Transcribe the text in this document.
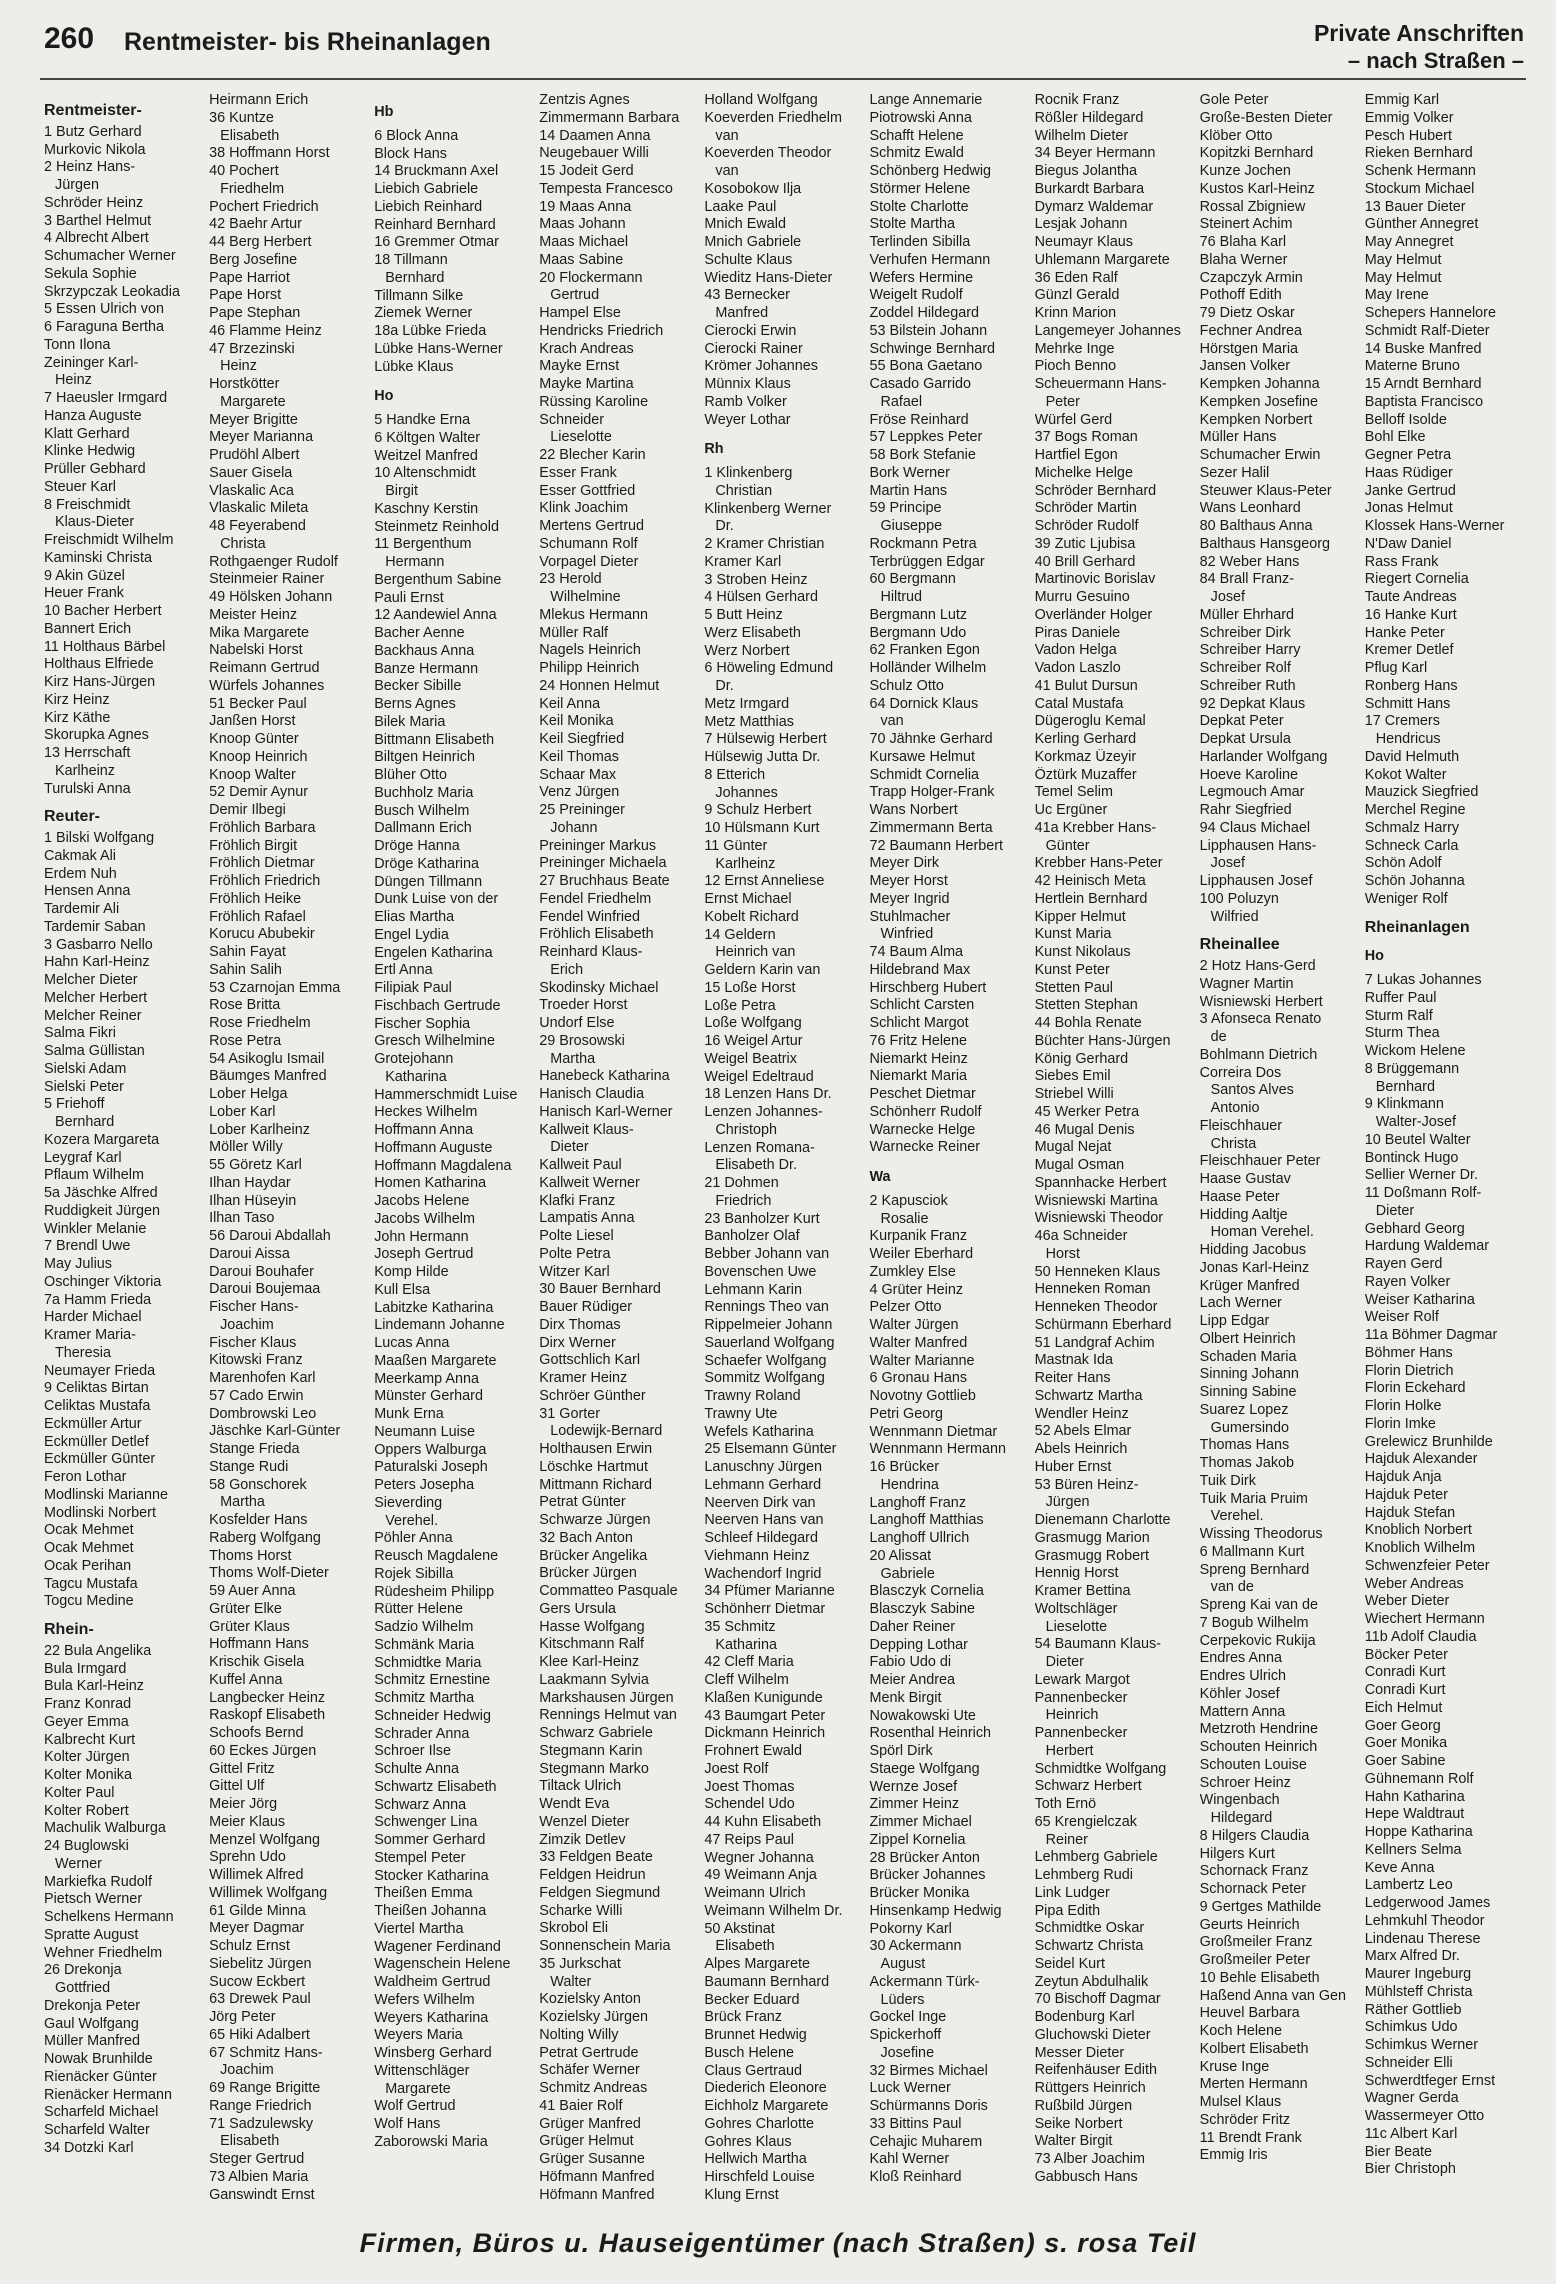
260 Rentmeister- bis Rheinanlagen	Private Anschriften
– nach Straßen –
Rentmeister-
1 Butz Gerhard
Murkovic Nikola
2 Heinz Hans-
Jürgen
Schröder Heinz
3 Barthel Helmut
4 Albrecht Albert
Schumacher Werner
Sekula Sophie
Skrzypczak Leokadia
5 Essen Ulrich von
6 Faraguna Bertha
Tonn Ilona
Zeininger Karl-
Heinz
7 Haeusler Irmgard
Hanza Auguste
Klatt Gerhard
Klinke Hedwig
Prüller Gebhard
Steuer Karl
8 Freischmidt
Klaus-Dieter
Freischmidt Wilhelm
Kaminski Christa
9 Akin Güzel
Heuer Frank
10 Bacher Herbert
Bannert Erich
11 Holthaus Bärbel
Holthaus Elfriede
Kirz Hans-Jürgen
Kirz Heinz
Kirz Käthe
Skorupka Agnes
13 Herrschaft
Karlheinz
Turulski Anna
Reuter-
1 Bilski Wolfgang
Cakmak Ali
Erdem Nuh
Hensen Anna
Tardemir Ali
Tardemir Saban
3 Gasbarro Nello
Hahn Karl-Heinz
Melcher Dieter
Melcher Herbert
Melcher Reiner
Salma Fikri
Salma Güllistan
Sielski Adam
Sielski Peter
5 Friehoff
Bernhard
Kozera Margareta
Leygraf Karl
Pflaum Wilhelm
5a Jäschke Alfred
Ruddigkeit Jürgen
Winkler Melanie
7 Brendl Uwe
May Julius
Oschinger Viktoria
7a Hamm Frieda
Harder Michael
Kramer Maria-
Theresia
Neumayer Frieda
9 Celiktas Birtan
Celiktas Mustafa
Eckmüller Artur
Eckmüller Detlef
Eckmüller Günter
Feron Lothar
Modlinski Marianne
Modlinski Norbert
Ocak Mehmet
Ocak Mehmet
Ocak Perihan
Tagcu Mustafa
Togcu Medine
Rhein-
22 Bula Angelika
Bula Irmgard
Bula Karl-Heinz
Franz Konrad
Geyer Emma
Kalbrecht Kurt
Kolter Jürgen
Kolter Monika
Kolter Paul
Kolter Robert
Machulik Walburga
24 Buglowski
Werner
Markiefka Rudolf
Pietsch Werner
Schelkens Hermann
Spratte August
Wehner Friedhelm
26 Drekonja
Gottfried
Drekonja Peter
Gaul Wolfgang
Müller Manfred
Nowak Brunhilde
Rienäcker Günter
Rienäcker Hermann
Scharfeld Michael
Scharfeld Walter
34 Dotzki Karl
Heirmann Erich
36 Kuntze
Elisabeth
38 Hoffmann Horst
40 Pochert
Friedhelm
Pochert Friedrich
42 Baehr Artur
44 Berg Herbert
Berg Josefine
Pape Harriot
Pape Horst
Pape Stephan
46 Flamme Heinz
47 Brzezinski
Heinz
Horstkötter
Margarete
Meyer Brigitte
Meyer Marianna
Prudöhl Albert
Sauer Gisela
Vlaskalic Aca
Vlaskalic Mileta
48 Feyerabend
Christa
Rothgaenger Rudolf
Steinmeier Rainer
49 Hölsken Johann
Meister Heinz
Mika Margarete
Nabelski Horst
Reimann Gertrud
Würfels Johannes
51 Becker Paul
Janßen Horst
Knoop Günter
Knoop Heinrich
Knoop Walter
52 Demir Aynur
Demir Ilbegi
Fröhlich Barbara
Fröhlich Birgit
Fröhlich Dietmar
Fröhlich Friedrich
Fröhlich Heike
Fröhlich Rafael
Korucu Abubekir
Sahin Fayat
Sahin Salih
53 Czarnojan Emma
Rose Britta
Rose Friedhelm
Rose Petra
54 Asikoglu Ismail
Bäumges Manfred
Lober Helga
Lober Karl
Lober Karlheinz
Möller Willy
55 Göretz Karl
Ilhan Haydar
Ilhan Hüseyin
Ilhan Taso
56 Daroui Abdallah
Daroui Aissa
Daroui Bouhafer
Daroui Boujemaa
Fischer Hans-
Joachim
Fischer Klaus
Kitowski Franz
Marenhofen Karl
57 Cado Erwin
Dombrowski Leo
Jäschke Karl-Günter
Stange Frieda
Stange Rudi
58 Gonschorek
Martha
Kosfelder Hans
Raberg Wolfgang
Thoms Horst
Thoms Wolf-Dieter
59 Auer Anna
Grüter Elke
Grüter Klaus
Hoffmann Hans
Krischik Gisela
Kuffel Anna
Langbecker Heinz
Raskopf Elisabeth
Schoofs Bernd
60 Eckes Jürgen
Gittel Fritz
Gittel Ulf
Meier Jörg
Meier Klaus
Menzel Wolfgang
Sprehn Udo
Willimek Alfred
Willimek Wolfgang
61 Gilde Minna
Meyer Dagmar
Schulz Ernst
Siebelitz Jürgen
Sucow Eckbert
63 Drewek Paul
Jörg Peter
65 Hiki Adalbert
67 Schmitz Hans-
Joachim
69 Range Brigitte
Range Friedrich
71 Sadzulewsky
Elisabeth
Steger Gertrud
73 Albien Maria
Ganswindt Ernst
Hb
6 Block Anna
Block Hans
14 Bruckmann Axel
Liebich Gabriele
Liebich Reinhard
Reinhard Bernhard
16 Gremmer Otmar
18 Tillmann
Bernhard
Tillmann Silke
Ziemek Werner
18a Lübke Frieda
Lübke Hans-Werner
Lübke Klaus
Ho
5 Handke Erna
6 Költgen Walter
Weitzel Manfred
10 Altenschmidt
Birgit
Kaschny Kerstin
Steinmetz Reinhold
11 Bergenthum
Hermann
Bergenthum Sabine
Pauli Ernst
12 Aandewiel Anna
Bacher Aenne
Backhaus Anna
Banze Hermann
Becker Sibille
Berns Agnes
Bilek Maria
Bittmann Elisabeth
Biltgen Heinrich
Blüher Otto
Buchholz Maria
Busch Wilhelm
Dallmann Erich
Dröge Hanna
Dröge Katharina
Düngen Tillmann
Dunk Luise von der
Elias Martha
Engel Lydia
Engelen Katharina
Ertl Anna
Filipiak Paul
Fischbach Gertrude
Fischer Sophia
Gresch Wilhelmine
Grotejohann
Katharina
Hammerschmidt Luise
Heckes Wilhelm
Hoffmann Anna
Hoffmann Auguste
Hoffmann Magdalena
Homen Katharina
Jacobs Helene
Jacobs Wilhelm
John Hermann
Joseph Gertrud
Komp Hilde
Kull Elsa
Labitzke Katharina
Lindemann Johanne
Lucas Anna
Maaßen Margarete
Meerkamp Anna
Münster Gerhard
Munk Erna
Neumann Luise
Oppers Walburga
Paturalski Joseph
Peters Josepha
Sieverding
Verehel.
Pöhler Anna
Reusch Magdalene
Rojek Sibilla
Rüdesheim Philipp
Rütter Helene
Sadzio Wilhelm
Schmänk Maria
Schmidtke Maria
Schmitz Ernestine
Schmitz Martha
Schneider Hedwig
Schrader Anna
Schroer Ilse
Schulte Anna
Schwartz Elisabeth
Schwarz Anna
Schwenger Lina
Sommer Gerhard
Stempel Peter
Stocker Katharina
Theißen Emma
Theißen Johanna
Viertel Martha
Wagener Ferdinand
Wagenschein Helene
Waldheim Gertrud
Wefers Wilhelm
Weyers Katharina
Weyers Maria
Winsberg Gerhard
Wittenschläger
Margarete
Wolf Gertrud
Wolf Hans
Zaborowski Maria
Zentzis Agnes
Zimmermann Barbara
14 Daamen Anna
Neugebauer Willi
15 Jodeit Gerd
Tempesta Francesco
19 Maas Anna
Maas Johann
Maas Michael
Maas Sabine
20 Flockermann
Gertrud
Hampel Else
Hendricks Friedrich
Krach Andreas
Mayke Ernst
Mayke Martina
Rüssing Karoline
Schneider
Lieselotte
22 Blecher Karin
Esser Frank
Esser Gottfried
Klink Joachim
Mertens Gertrud
Schumann Rolf
Vorpagel Dieter
23 Herold
Wilhelmine
Mlekus Hermann
Müller Ralf
Nagels Heinrich
Philipp Heinrich
24 Honnen Helmut
Keil Anna
Keil Monika
Keil Siegfried
Keil Thomas
Schaar Max
Venz Jürgen
25 Preininger
Johann
Preininger Markus
Preininger Michaela
27 Bruchhaus Beate
Fendel Friedhelm
Fendel Winfried
Fröhlich Elisabeth
Reinhard Klaus-
Erich
Skodinsky Michael
Troeder Horst
Undorf Else
29 Brosowski
Martha
Hanebeck Katharina
Hanisch Claudia
Hanisch Karl-Werner
Kallweit Klaus-
Dieter
Kallweit Paul
Kallweit Werner
Klafki Franz
Lampatis Anna
Polte Liesel
Polte Petra
Witzer Karl
30 Bauer Bernhard
Bauer Rüdiger
Dirx Thomas
Dirx Werner
Gottschlich Karl
Kramer Heinz
Schröer Günther
31 Gorter
Lodewijk-Bernard
Holthausen Erwin
Löschke Hartmut
Mittmann Richard
Petrat Günter
Schwarze Jürgen
32 Bach Anton
Brücker Angelika
Brücker Jürgen
Commatteo Pasquale
Gers Ursula
Hasse Wolfgang
Kitschmann Ralf
Klee Karl-Heinz
Laakmann Sylvia
Markshausen Jürgen
Rennings Helmut van
Schwarz Gabriele
Stegmann Karin
Stegmann Marko
Tiltack Ulrich
Wendt Eva
Wenzel Dieter
Zimzik Detlev
33 Feldgen Beate
Feldgen Heidrun
Feldgen Siegmund
Scharke Willi
Skrobol Eli
Sonnenschein Maria
35 Jurkschat
Walter
Kozielsky Anton
Kozielsky Jürgen
Nolting Willy
Petrat Gertrude
Schäfer Werner
Schmitz Andreas
41 Baier Rolf
Grüger Manfred
Grüger Helmut
Grüger Susanne
Höfmann Manfred
Höfmann Manfred
Holland Wolfgang
Koeverden Friedhelm
van
Koeverden Theodor
van
Kosobokow Ilja
Laake Paul
Mnich Ewald
Mnich Gabriele
Schulte Klaus
Wieditz Hans-Dieter
43 Bernecker
Manfred
Cierocki Erwin
Cierocki Rainer
Krömer Johannes
Münnix Klaus
Ramb Volker
Weyer Lothar
Rh
1 Klinkenberg
Christian
Klinkenberg Werner
Dr.
2 Kramer Christian
Kramer Karl
3 Stroben Heinz
4 Hülsen Gerhard
5 Butt Heinz
Werz Elisabeth
Werz Norbert
6 Höweling Edmund
Dr.
Metz Irmgard
Metz Matthias
7 Hülsewig Herbert
Hülsewig Jutta Dr.
8 Etterich
Johannes
9 Schulz Herbert
10 Hülsmann Kurt
11 Günter
Karlheinz
12 Ernst Anneliese
Ernst Michael
Kobelt Richard
14 Geldern
Heinrich van
Geldern Karin van
15 Loße Horst
Loße Petra
Loße Wolfgang
16 Weigel Artur
Weigel Beatrix
Weigel Edeltraud
18 Lenzen Hans Dr.
Lenzen Johannes-
Christoph
Lenzen Romana-
Elisabeth Dr.
21 Dohmen
Friedrich
23 Banholzer Kurt
Banholzer Olaf
Bebber Johann van
Bovenschen Uwe
Lehmann Karin
Rennings Theo van
Rippelmeier Johann
Sauerland Wolfgang
Schaefer Wolfgang
Sommitz Wolfgang
Trawny Roland
Trawny Ute
Wefels Katharina
25 Elsemann Günter
Lanuschny Jürgen
Lehmann Gerhard
Neerven Dirk van
Neerven Hans van
Schleef Hildegard
Viehmann Heinz
Wachendorf Ingrid
34 Pfümer Marianne
Schönherr Dietmar
35 Schmitz
Katharina
42 Cleff Maria
Cleff Wilhelm
Klaßen Kunigunde
43 Baumgart Peter
Dickmann Heinrich
Frohnert Ewald
Joest Rolf
Joest Thomas
Schendel Udo
44 Kuhn Elisabeth
47 Reips Paul
Wegner Johanna
49 Weimann Anja
Weimann Ulrich
Weimann Wilhelm Dr.
50 Akstinat
Elisabeth
Alpes Margarete
Baumann Bernhard
Becker Eduard
Brück Franz
Brunnet Hedwig
Busch Helene
Claus Gertraud
Diederich Eleonore
Eichholz Margarete
Gohres Charlotte
Gohres Klaus
Hellwich Martha
Hirschfeld Louise
Klung Ernst
Lange Annemarie
Piotrowski Anna
Schafft Helene
Schmitz Ewald
Schönberg Hedwig
Störmer Helene
Stolte Charlotte
Stolte Martha
Terlinden Sibilla
Verhufen Hermann
Wefers Hermine
Weigelt Rudolf
Zoddel Hildegard
53 Bilstein Johann
Schwinge Bernhard
55 Bona Gaetano
Casado Garrido
Rafael
Fröse Reinhard
57 Leppkes Peter
58 Bork Stefanie
Bork Werner
Martin Hans
59 Principe
Giuseppe
Rockmann Petra
Terbrüggen Edgar
60 Bergmann
Hiltrud
Bergmann Lutz
Bergmann Udo
62 Franken Egon
Holländer Wilhelm
Schulz Otto
64 Dornick Klaus
van
70 Jähnke Gerhard
Kursawe Helmut
Schmidt Cornelia
Trapp Holger-Frank
Wans Norbert
Zimmermann Berta
72 Baumann Herbert
Meyer Dirk
Meyer Horst
Meyer Ingrid
Stuhlmacher
Winfried
74 Baum Alma
Hildebrand Max
Hirschberg Hubert
Schlicht Carsten
Schlicht Margot
76 Fritz Helene
Niemarkt Heinz
Niemarkt Maria
Peschet Dietmar
Schönherr Rudolf
Warnecke Helge
Warnecke Reiner
Wa
2 Kapusciok
Rosalie
Kurpanik Franz
Weiler Eberhard
Zumkley Else
4 Grüter Heinz
Pelzer Otto
Walter Jürgen
Walter Manfred
Walter Marianne
6 Gronau Hans
Novotny Gottlieb
Petri Georg
Wennmann Dietmar
Wennmann Hermann
16 Brücker
Hendrina
Langhoff Franz
Langhoff Matthias
Langhoff Ullrich
20 Alissat
Gabriele
Blasczyk Cornelia
Blasczyk Sabine
Daher Reiner
Depping Lothar
Fabio Udo di
Meier Andrea
Menk Birgit
Nowakowski Ute
Rosenthal Heinrich
Spörl Dirk
Staege Wolfgang
Wernze Josef
Zimmer Heinz
Zimmer Michael
Zippel Kornelia
28 Brücker Anton
Brücker Johannes
Brücker Monika
Hinsenkamp Hedwig
Pokorny Karl
30 Ackermann
August
Ackermann Türk-
Lüders
Gockel Inge
Spickerhoff
Josefine
32 Birmes Michael
Luck Werner
Schürmanns Doris
33 Bittins Paul
Cehajic Muharem
Kahl Werner
Kloß Reinhard
Rocnik Franz
Rößler Hildegard
Wilhelm Dieter
34 Beyer Hermann
Biegus Jolantha
Burkardt Barbara
Dymarz Waldemar
Lesjak Johann
Neumayr Klaus
Uhlemann Margarete
36 Eden Ralf
Günzl Gerald
Krinn Marion
Langemeyer Johannes
Mehrke Inge
Pioch Benno
Scheuermann Hans-
Peter
Würfel Gerd
37 Bogs Roman
Hartfiel Egon
Michelke Helge
Schröder Bernhard
Schröder Martin
Schröder Rudolf
39 Zutic Ljubisa
40 Brill Gerhard
Martinovic Borislav
Murru Gesuino
Overländer Holger
Piras Daniele
Vadon Helga
Vadon Laszlo
41 Bulut Dursun
Catal Mustafa
Dügeroglu Kemal
Kerling Gerhard
Korkmaz Üzeyir
Öztürk Muzaffer
Temel Selim
Uc Ergüner
41a Krebber Hans-
Günter
Krebber Hans-Peter
42 Heinisch Meta
Hertlein Bernhard
Kipper Helmut
Kunst Maria
Kunst Nikolaus
Kunst Peter
Stetten Paul
Stetten Stephan
44 Bohla Renate
Büchter Hans-Jürgen
König Gerhard
Siebes Emil
Striebel Willi
45 Werker Petra
46 Mugal Denis
Mugal Nejat
Mugal Osman
Spannhacke Herbert
Wisniewski Martina
Wisniewski Theodor
46a Schneider
Horst
50 Henneken Klaus
Henneken Roman
Henneken Theodor
Schürmann Eberhard
51 Landgraf Achim
Mastnak Ida
Reiter Hans
Schwartz Martha
Wendler Heinz
52 Abels Elmar
Abels Heinrich
Huber Ernst
53 Büren Heinz-
Jürgen
Dienemann Charlotte
Grasmugg Marion
Grasmugg Robert
Hennig Horst
Kramer Bettina
Woltschläger
Lieselotte
54 Baumann Klaus-
Dieter
Lewark Margot
Pannenbecker
Heinrich
Pannenbecker
Herbert
Schmidtke Wolfgang
Schwarz Herbert
Toth Ernö
65 Krengielczak
Reiner
Lehmberg Gabriele
Lehmberg Rudi
Link Ludger
Pipa Edith
Schmidtke Oskar
Schwartz Christa
Seidel Kurt
Zeytun Abdulhalik
70 Bischoff Dagmar
Bodenburg Karl
Gluchowski Dieter
Messer Dieter
Reifenhäuser Edith
Rüttgers Heinrich
Rußbild Jürgen
Seike Norbert
Walter Birgit
73 Alber Joachim
Gabbusch Hans
Gole Peter
Große-Besten Dieter
Klöber Otto
Kopitzki Bernhard
Kunze Jochen
Kustos Karl-Heinz
Rossal Zbigniew
Steinert Achim
76 Blaha Karl
Blaha Werner
Czapczyk Armin
Pothoff Edith
79 Dietz Oskar
Fechner Andrea
Hörstgen Maria
Jansen Volker
Kempken Johanna
Kempken Josefine
Kempken Norbert
Müller Hans
Schumacher Erwin
Sezer Halil
Steuwer Klaus-Peter
Wans Leonhard
80 Balthaus Anna
Balthaus Hansgeorg
82 Weber Hans
84 Brall Franz-
Josef
Müller Ehrhard
Schreiber Dirk
Schreiber Harry
Schreiber Rolf
Schreiber Ruth
92 Depkat Klaus
Depkat Peter
Depkat Ursula
Harlander Wolfgang
Hoeve Karoline
Legmouch Amar
Rahr Siegfried
94 Claus Michael
Lipphausen Hans-
Josef
Lipphausen Josef
100 Poluzyn
Wilfried
Rheinallee
2 Hotz Hans-Gerd
Wagner Martin
Wisniewski Herbert
3 Afonseca Renato
de
Bohlmann Dietrich
Correira Dos
Santos Alves
Antonio
Fleischhauer
Christa
Fleischhauer Peter
Haase Gustav
Haase Peter
Hidding Aaltje
Homan Verehel.
Hidding Jacobus
Jonas Karl-Heinz
Krüger Manfred
Lach Werner
Lipp Edgar
Olbert Heinrich
Schaden Maria
Sinning Johann
Sinning Sabine
Suarez Lopez
Gumersindo
Thomas Hans
Thomas Jakob
Tuik Dirk
Tuik Maria Pruim
Verehel.
Wissing Theodorus
6 Mallmann Kurt
Spreng Bernhard
van de
Spreng Kai van de
7 Bogub Wilhelm
Cerpekovic Rukija
Endres Anna
Endres Ulrich
Köhler Josef
Mattern Anna
Metzroth Hendrine
Schouten Heinrich
Schouten Louise
Schroer Heinz
Wingenbach
Hildegard
8 Hilgers Claudia
Hilgers Kurt
Schornack Franz
Schornack Peter
9 Gertges Mathilde
Geurts Heinrich
Großmeiler Franz
Großmeiler Peter
10 Behle Elisabeth
Haßend Anna van Gen
Heuvel Barbara
Koch Helene
Kolbert Elisabeth
Kruse Inge
Merten Hermann
Mulsel Klaus
Schröder Fritz
11 Brendt Frank
Emmig Iris
Emmig Karl
Emmig Volker
Pesch Hubert
Rieken Bernhard
Schenk Hermann
Stockum Michael
13 Bauer Dieter
Günther Annegret
May Annegret
May Helmut
May Helmut
May Irene
Schepers Hannelore
Schmidt Ralf-Dieter
14 Buske Manfred
Materne Bruno
15 Arndt Bernhard
Baptista Francisco
Belloff Isolde
Bohl Elke
Gegner Petra
Haas Rüdiger
Janke Gertrud
Jonas Helmut
Klossek Hans-Werner
N'Daw Daniel
Rass Frank
Riegert Cornelia
Taute Andreas
16 Hanke Kurt
Hanke Peter
Kremer Detlef
Pflug Karl
Ronberg Hans
Schmitt Hans
17 Cremers
Hendricus
David Helmuth
Kokot Walter
Mauzick Siegfried
Merchel Regine
Schmalz Harry
Schneck Carla
Schön Adolf
Schön Johanna
Weniger Rolf
Rheinanlagen
Ho
7 Lukas Johannes
Ruffer Paul
Sturm Ralf
Sturm Thea
Wickom Helene
8 Brüggemann
Bernhard
9 Klinkmann
Walter-Josef
10 Beutel Walter
Bontinck Hugo
Sellier Werner Dr.
11 Doßmann Rolf-
Dieter
Gebhard Georg
Hardung Waldemar
Rayen Gerd
Rayen Volker
Weiser Katharina
Weiser Rolf
11a Böhmer Dagmar
Böhmer Hans
Florin Dietrich
Florin Eckehard
Florin Holke
Florin Imke
Grelewicz Brunhilde
Hajduk Alexander
Hajduk Anja
Hajduk Peter
Hajduk Stefan
Knoblich Norbert
Knoblich Wilhelm
Schwenzfeier Peter
Weber Andreas
Weber Dieter
Wiechert Hermann
11b Adolf Claudia
Böcker Peter
Conradi Kurt
Conradi Kurt
Eich Helmut
Goer Georg
Goer Monika
Goer Sabine
Gühnemann Rolf
Hahn Katharina
Hepe Waldtraut
Hoppe Katharina
Kellners Selma
Keve Anna
Lambertz Leo
Ledgerwood James
Lehmkuhl Theodor
Lindenau Therese
Marx Alfred Dr.
Maurer Ingeburg
Mühlsteff Christa
Räther Gottlieb
Schimkus Udo
Schimkus Werner
Schneider Elli
Schwerdtfeger Ernst
Wagner Gerda
Wassermeyer Otto
11c Albert Karl
Bier Beate
Bier Christoph
Firmen, Büros u. Hauseigentümer (nach Straßen) s. rosa Teil
